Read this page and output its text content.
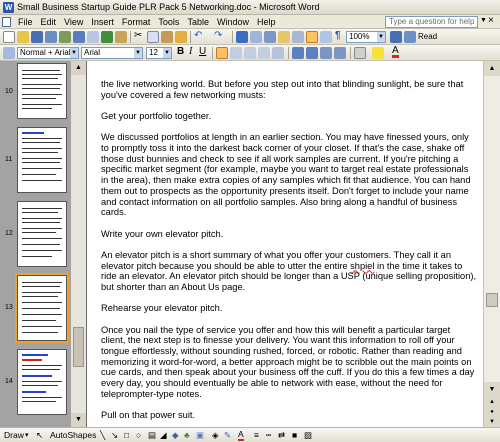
W Small Business Startup Guide PLR Pack 5 Networking.doc - Microsoft Word
File Edit View Insert Format Tools Table Window Help	Type a question for help ▼ ×
✂	↶ ↷	¶	100% ▼	Read
Normal + Arial ▼ Arial	▼	12 ▼ B I U	A
10
11
12
13
14
▲
▼

the live networking world. But before you step out into that blinding sunlight, be sure that you've covered a few networking musts:

Get your portfolio together.

We discussed portfolios at length in an earlier section. You may have finessed yours, only to promptly toss it into the darkest back corner of your closet. If that's the case, shake off those dust bunnies and check to see if all work samples are current. If you're pitching a specific market segment (for example, maybe you want to target real estate professionals in the area), then make extra copies of any samples which fit that audience. You can hand them out to prospects as the opportunity presents itself. Don't forget to include your name and contact information on all portfolio samples. Also bring along a handful of business cards.

Write your own elevator pitch.

An elevator pitch is a short summary of what you offer your customers. They call it an elevator pitch because you should be able to utter the entire shpiel in the time it takes to ride an elevator. An elevator pitch should be longer than a USP (unique selling proposition), but shorter than an About Us page.

Rehearse your elevator pitch.

Once you nail the type of service you offer and how this will benefit a particular target client, the next step is to finesse your delivery. You want this information to roll off your tongue effortlessly, without sounding rushed, forced, or robotic. Rather than reading and memorizing it word-for-word, a better approach might be to scribble out the main points on cue cards, and then speak about your business off the cuff. If you do this a few times a day every day, you should eventually be able to network with ease, without the need for teleprompter-type notes.

Pull on that power suit.

▲
▼
▲
●
▼
Draw ▾ ↖ AutoShapes ╲ ↘ □ ○ ▤ ◢ ◆ ♣ ▣ ◈ ✎ A ≡ ┅ ⇄ ■ ▨
